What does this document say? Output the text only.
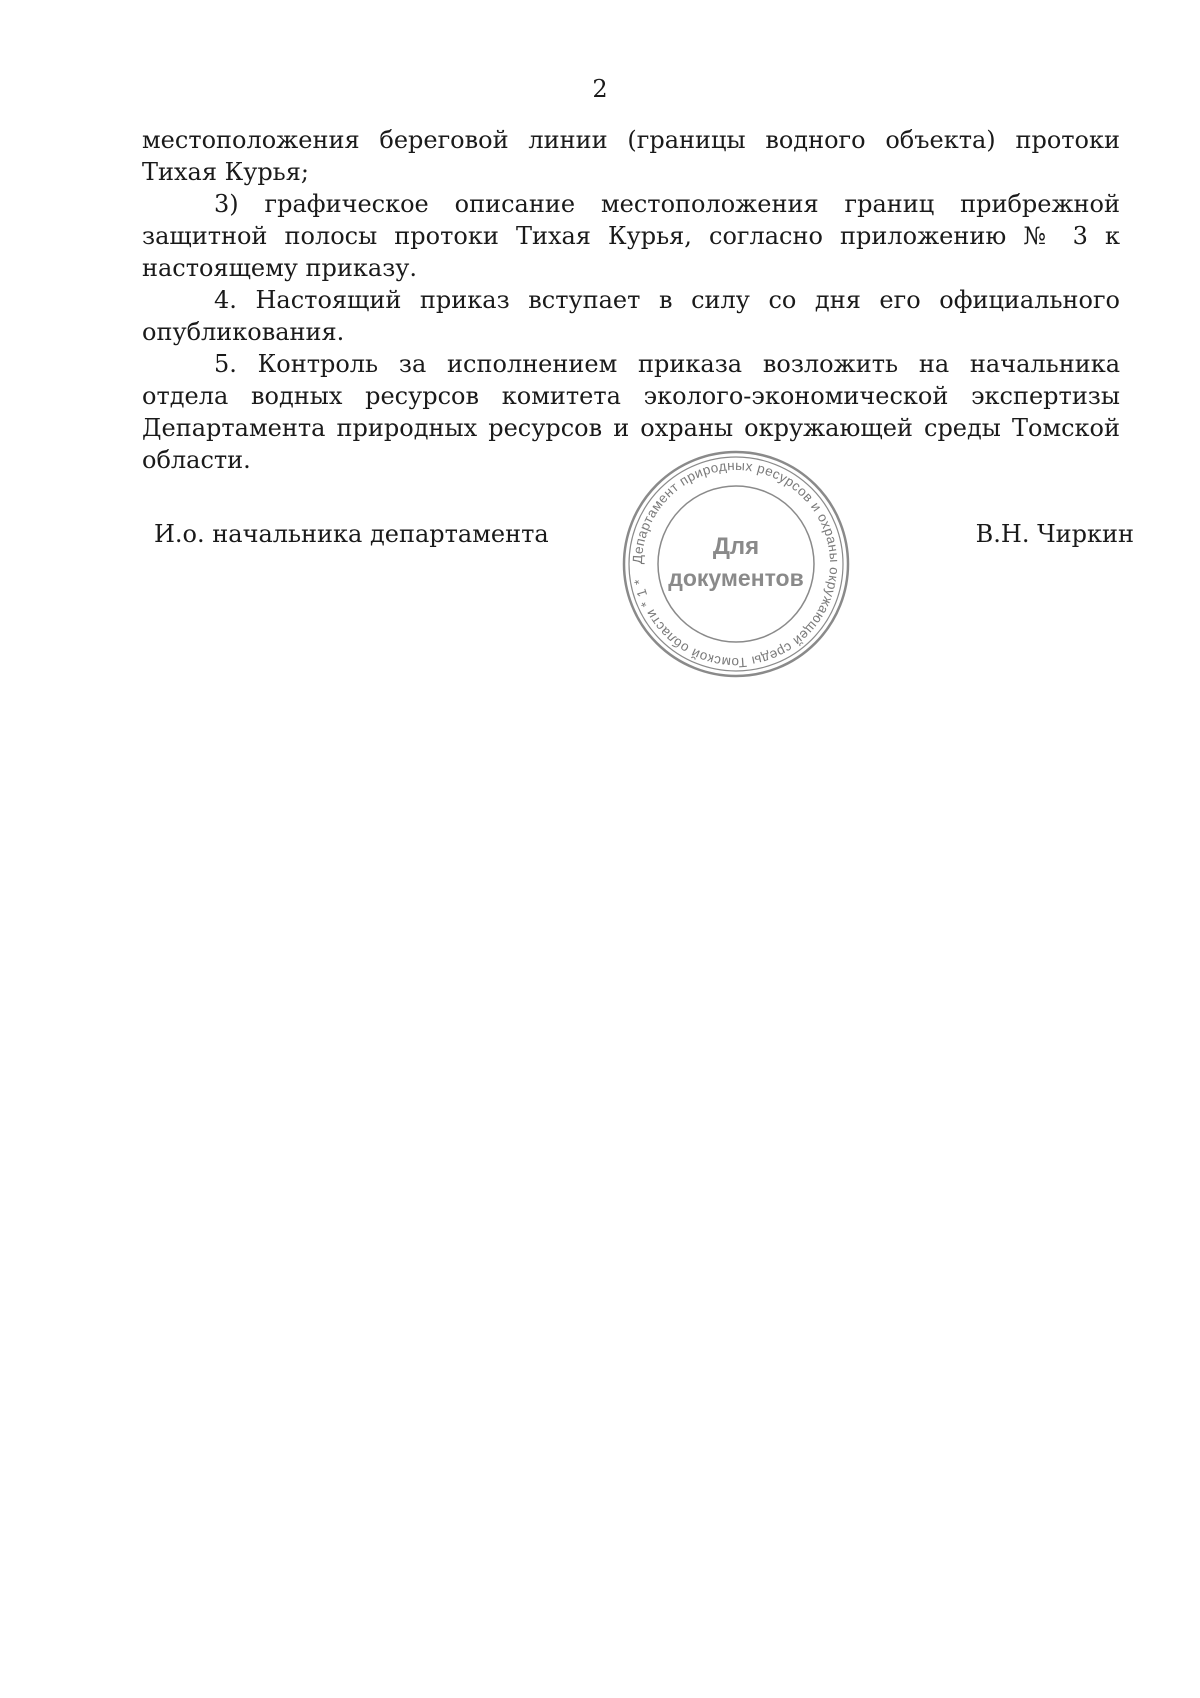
2

местоположения береговой линии (границы водного объекта) протоки Тихая Курья;

3) графическое описание местоположения границ прибрежной защитной полосы протоки Тихая Курья, согласно приложению № 3 к настоящему приказу.

4. Настоящий приказ вступает в силу со дня его официального опубликования.

5. Контроль за исполнением приказа возложить на начальника отдела водных ресурсов комитета эколого-экономической экспертизы Департамента природных ресурсов и охраны окружающей среды Томской области.

И.о. начальника департамента	В.Н. Чиркин
Департамент природных ресурсов и охраны окружающей среды Томской области * 1 *
Для
документов
